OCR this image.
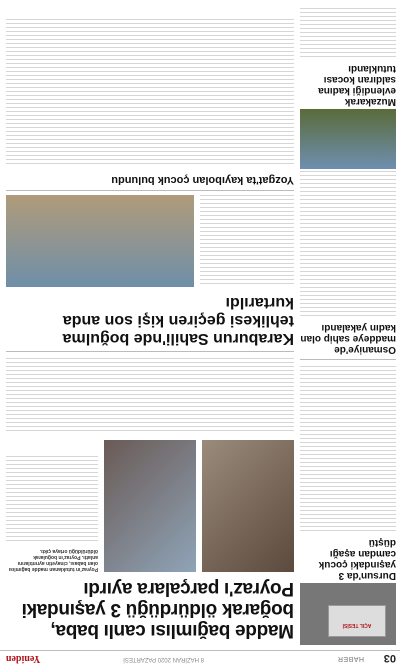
03
HABER
8 HAZİRAN 2020 PAZARTESİ
Yeniden
AÇIL TESİSİ
Dursun'da 3 yaşındaki çocuk camdan aşağı düştü
Osmaniye'de maddeye sahip olan kadın yakalandı
Muzakarak evlendiği kadına saldıran kocası tutuklandı
Madde bağımlısı canlı baba, boğarak öldürdüğü 3 yaşındaki Poyraz'ı parçalara ayırdı
Poyraz'ın tutuklanan madde bağımlısı olan babası, cinayetin ayrıntılarını anlattı. Poyraz'ın boğularak öldürüldüğü ortaya çıktı.
Karaburun Sahili'nde boğulma tehlikesi geçiren kişi son anda kurtarıldı
Yozgat'ta kayıbolan çocuk bulundu
